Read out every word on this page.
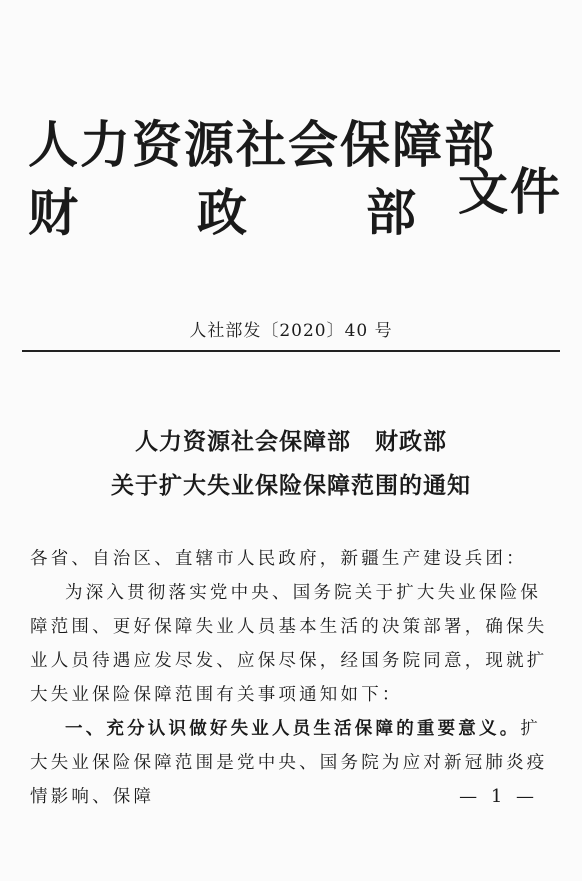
人力资源社会保障部
财 政 部 文件
人社部发〔2020〕40 号
人力资源社会保障部　财政部
关于扩大失业保险保障范围的通知

各省、自治区、直辖市人民政府，新疆生产建设兵团：

为深入贯彻落实党中央、国务院关于扩大失业保险保障范围、更好保障失业人员基本生活的决策部署，确保失业人员待遇应发尽发、应保尽保，经国务院同意，现就扩大失业保险保障范围有关事项通知如下：

一、充分认识做好失业人员生活保障的重要意义。扩大失业保险保障范围是党中央、国务院为应对新冠肺炎疫情影响、保障	— 1 —
